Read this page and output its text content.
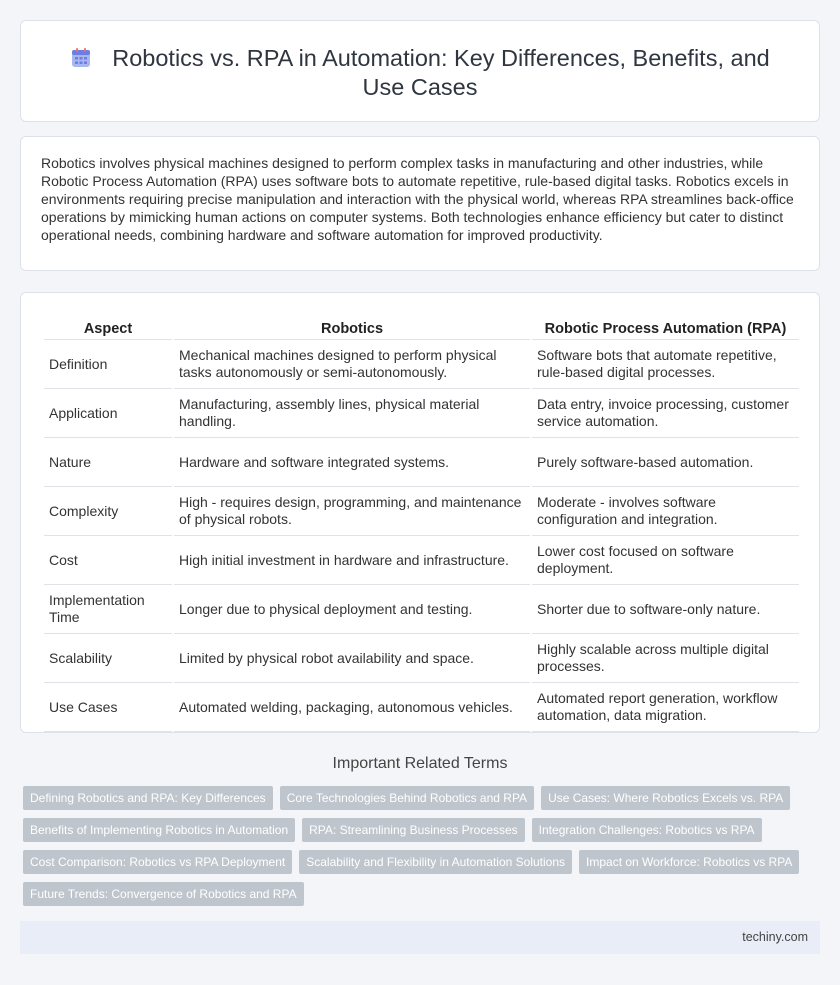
Robotics vs. RPA in Automation: Key Differences, Benefits, and Use Cases

Robotics involves physical machines designed to perform complex tasks in manufacturing and other industries, while Robotic Process Automation (RPA) uses software bots to automate repetitive, rule-based digital tasks. Robotics excels in environments requiring precise manipulation and interaction with the physical world, whereas RPA streamlines back-office operations by mimicking human actions on computer systems. Both technologies enhance efficiency but cater to distinct operational needs, combining hardware and software automation for improved productivity.

Aspect	Robotics	Robotic Process Automation (RPA)
Definition	Mechanical machines designed to perform physical tasks autonomously or semi-autonomously.	Software bots that automate repetitive, rule-based digital processes.
Application	Manufacturing, assembly lines, physical material handling.	Data entry, invoice processing, customer service automation.
Nature	Hardware and software integrated systems.	Purely software-based automation.
Complexity	High - requires design, programming, and maintenance of physical robots.	Moderate - involves software configuration and integration.
Cost	High initial investment in hardware and infrastructure.	Lower cost focused on software deployment.
Implementation Time	Longer due to physical deployment and testing.	Shorter due to software-only nature.
Scalability	Limited by physical robot availability and space.	Highly scalable across multiple digital processes.
Use Cases	Automated welding, packaging, autonomous vehicles.	Automated report generation, workflow automation, data migration.
Important Related Terms
Defining Robotics and RPA: Key Differences	Core Technologies Behind Robotics and RPA	Use Cases: Where Robotics Excels vs. RPA
Benefits of Implementing Robotics in Automation	RPA: Streamlining Business Processes	Integration Challenges: Robotics vs RPA
Cost Comparison: Robotics vs RPA Deployment	Scalability and Flexibility in Automation Solutions	Impact on Workforce: Robotics vs RPA
Future Trends: Convergence of Robotics and RPA
techiny.com
